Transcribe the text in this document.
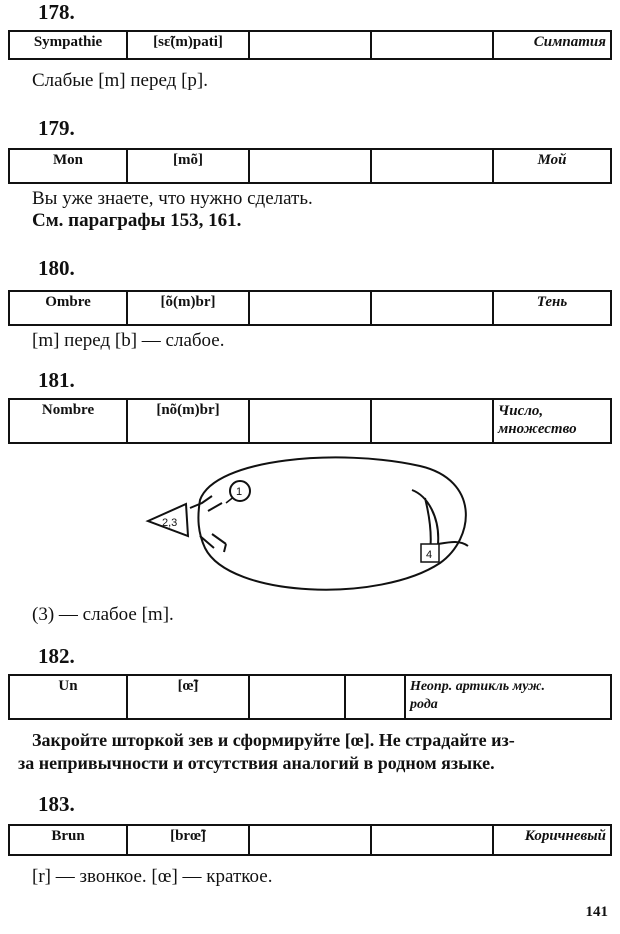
178.
Sympathie	[sɛ̃(m)pati]	Симпатия
Слабые [m] перед [p].
179.
Mon	[mõ]	Мой
Вы уже знаете, что нужно сделать.
См. параграфы 153, 161.
180.
Ombre	[õ(m)br]	Тень
[m] перед [b] — слабое.
181.
Nombre	[nõ(m)br]	Число,
множество
2,3
1
4
(3) — слабое [m].
182.
Un	[œ̃]	Неопр. артикль муж.
рода
Закройте шторкой зев и сформируйте [œ]. Не страдайте из-
за непривычности и отсутствия аналогий в родном языке.
183.
Brun	[brœ̃]	Коричневый
[r] — звонкое. [œ] — краткое.
141
